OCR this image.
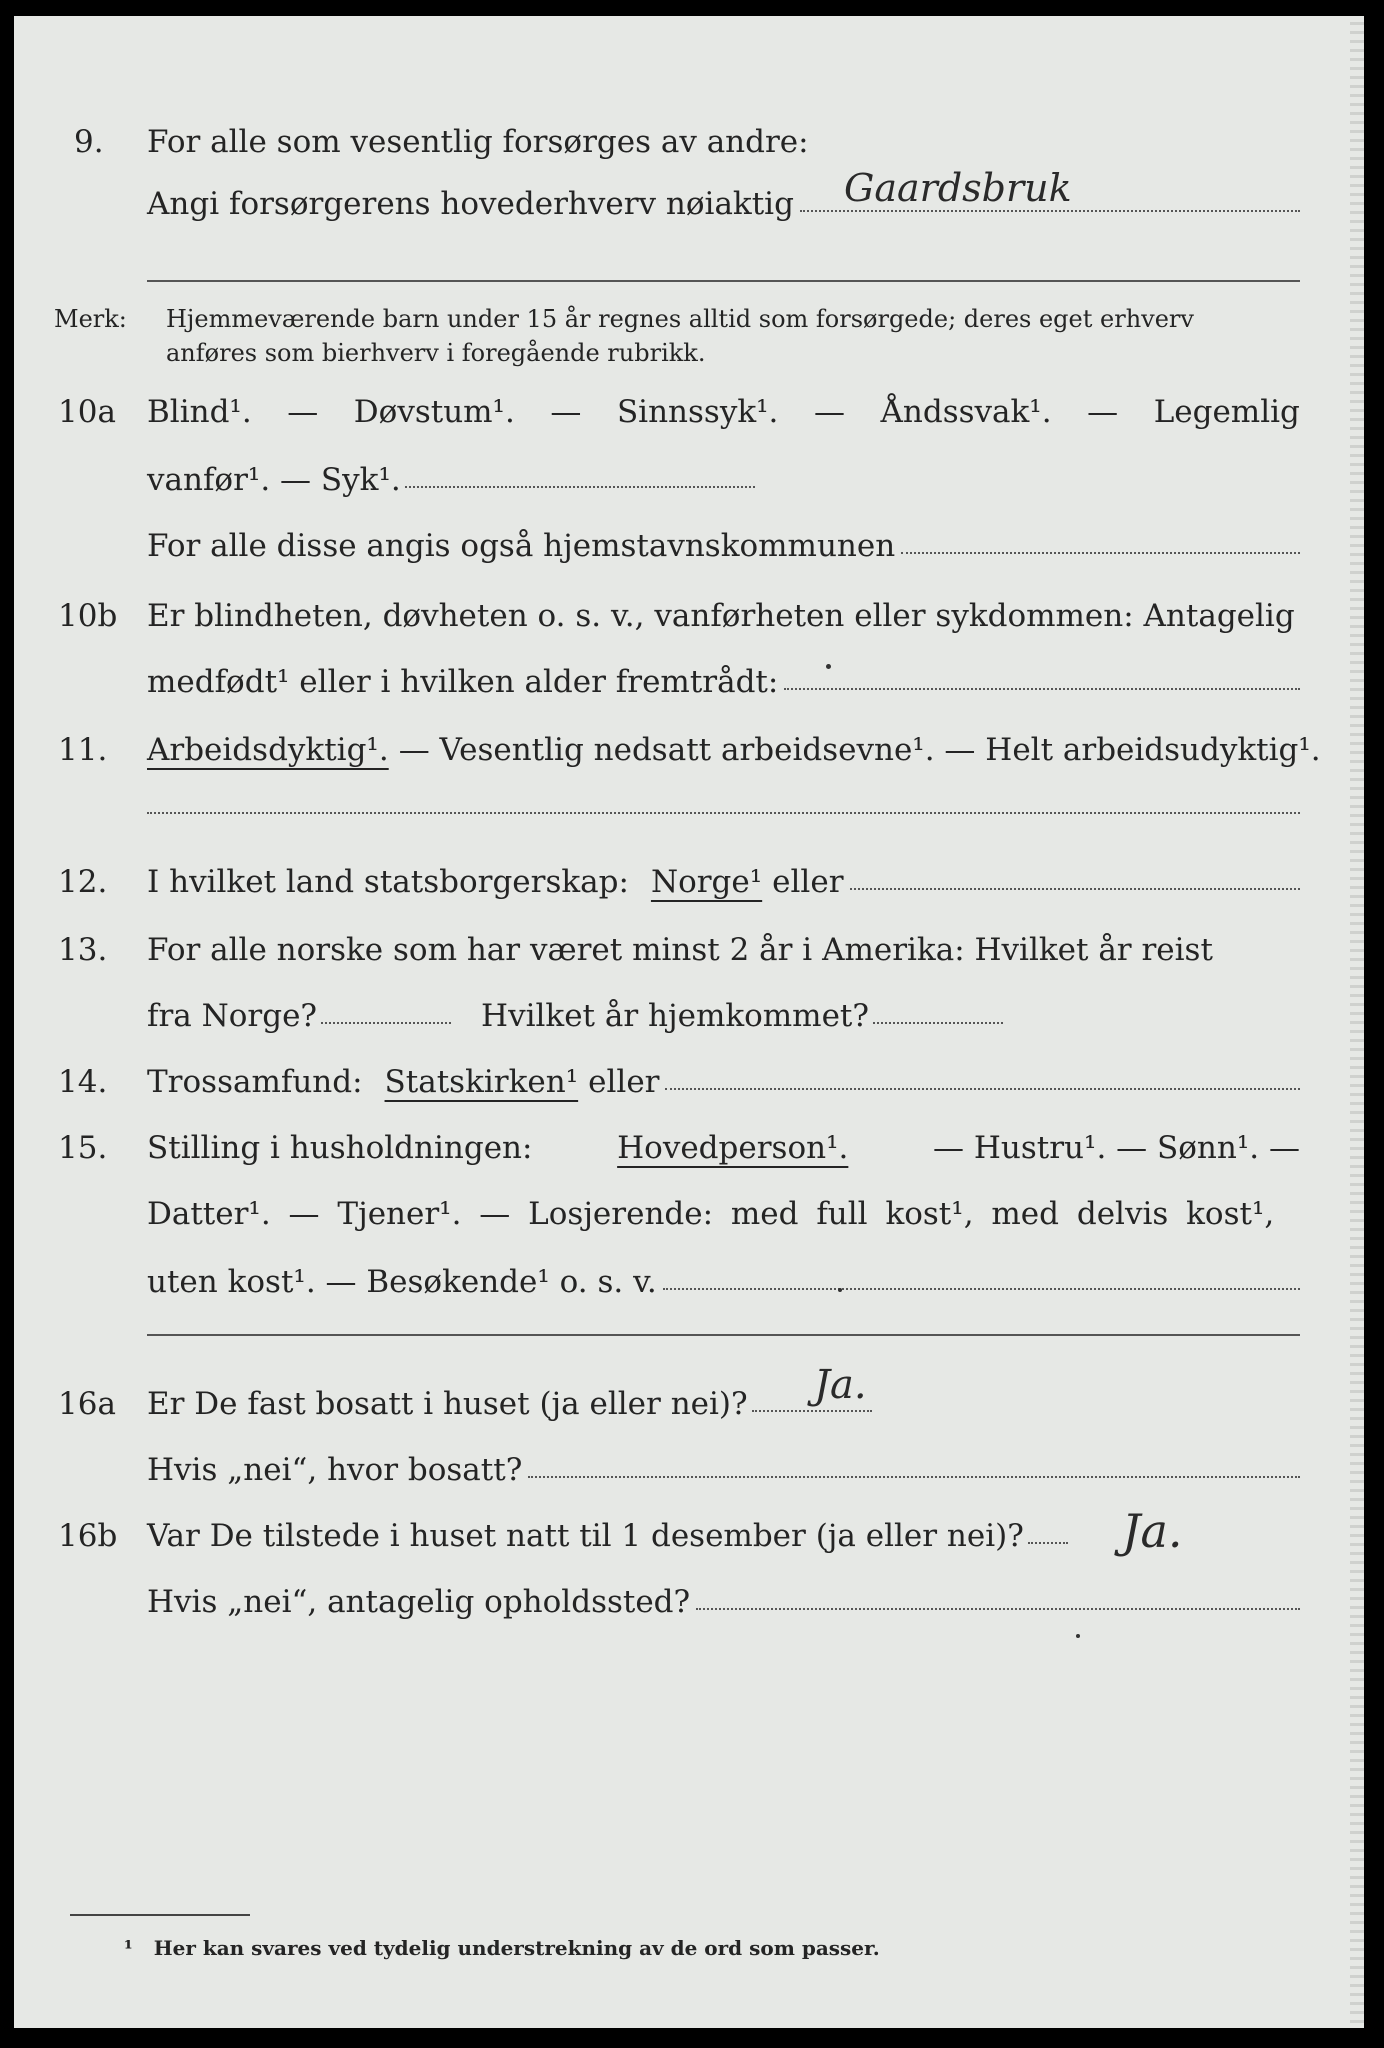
9. For alle som vesentlig forsørges av andre:
Angi forsørgerens hovederhverv nøiaktig Gaardsbruk
Merk: Hjemmeværende barn under 15 år regnes alltid som forsørgede; deres eget erhverv
anføres som bierhverv i foregående rubrikk.
10a Blind¹. — Døvstum¹. — Sinnssyk¹. — Åndssvak¹. — Legemlig
vanfør¹. — Syk¹.
For alle disse angis også hjemstavnskommunen
10b Er blindheten, døvheten o. s. v., vanførheten eller sykdommen: Antagelig
medfødt¹ eller i hvilken alder fremtrådt:
11. Arbeidsdyktig¹. — Vesentlig nedsatt arbeidsevne¹. — Helt arbeidsudyktig¹.
12. I hvilket land statsborgerskap: Norge¹ eller
13. For alle norske som har været minst 2 år i Amerika: Hvilket år reist
fra Norge?	Hvilket år hjemkommet?
14. Trossamfund: Statskirken¹ eller
15. Stilling i husholdningen:	Hovedperson¹.	— Hustru¹. — Sønn¹. —
Datter¹. — Tjener¹. — Losjerende: med full kost¹, med delvis kost¹,
uten kost¹. — Besøkende¹ o. s. v.
16a Er De fast bosatt i huset (ja eller nei)? Ja.
Hvis „nei“, hvor bosatt?
16b Var De tilstede i huset natt til 1 desember (ja eller nei)? Ja.
Hvis „nei“, antagelig opholdssted?
¹ Her kan svares ved tydelig understrekning av de ord som passer.
